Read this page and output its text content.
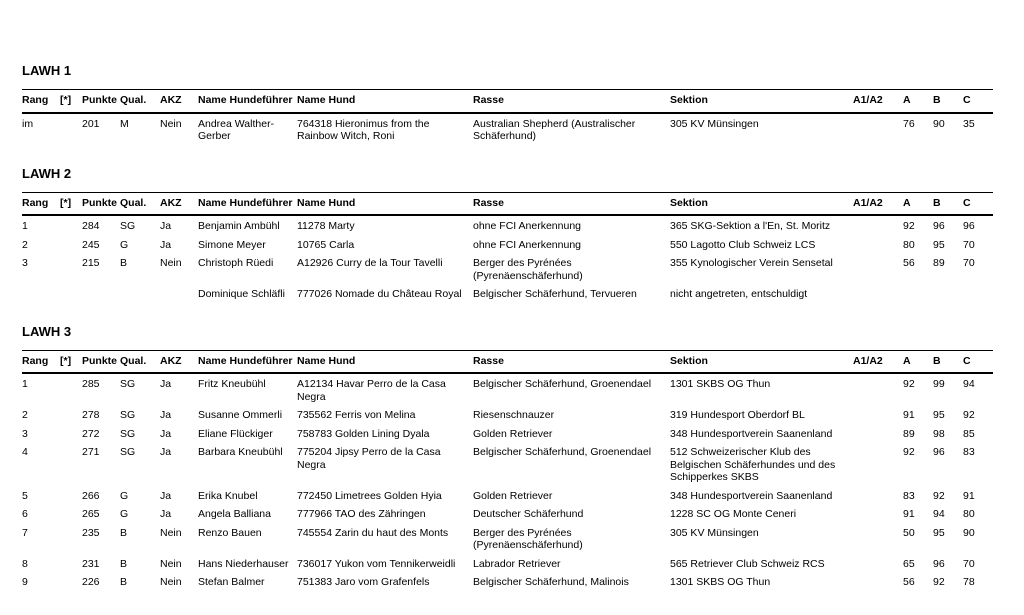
LAWH 1
Rang	[*]	Punkte	Qual.	AKZ	Name Hundeführer	Name Hund	Rasse	Sektion	A1/A2	A	B	C
im		201	M	Nein	Andrea Walther-Gerber	764318 Hieronimus from the Rainbow Witch, Roni	Australian Shepherd (Australischer Schäferhund)	305 KV Münsingen		76	90	35
LAWH 2
Rang	[*]	Punkte	Qual.	AKZ	Name Hundeführer	Name Hund	Rasse	Sektion	A1/A2	A	B	C
1		284	SG	Ja	Benjamin Ambühl	11278 Marty	ohne FCI Anerkennung	365 SKG-Sektion a l'En, St. Moritz		92	96	96
2		245	G	Ja	Simone Meyer	10765 Carla	ohne FCI Anerkennung	550 Lagotto Club Schweiz LCS		80	95	70
3		215	B	Nein	Christoph Rüedi	A12926 Curry de la Tour Tavelli	Berger des Pyrénées (Pyrenäenschäferhund)	355 Kynologischer Verein Sensetal		56	89	70
					Dominique Schläfli	777026 Nomade du Château Royal	Belgischer Schäferhund, Tervueren	nicht angetreten, entschuldigt				
LAWH 3
Rang	[*]	Punkte	Qual.	AKZ	Name Hundeführer	Name Hund	Rasse	Sektion	A1/A2	A	B	C
1		285	SG	Ja	Fritz Kneubühl	A12134 Havar Perro de la Casa Negra	Belgischer Schäferhund, Groenendael	1301 SKBS OG Thun		92	99	94
2		278	SG	Ja	Susanne Ommerli	735562 Ferris von Melina	Riesenschnauzer	319 Hundesport Oberdorf BL		91	95	92
3		272	SG	Ja	Eliane Flückiger	758783 Golden Lining Dyala	Golden Retriever	348 Hundesportverein Saanenland		89	98	85
4		271	SG	Ja	Barbara Kneubühl	775204 Jipsy Perro de la Casa Negra	Belgischer Schäferhund, Groenendael	512 Schweizerischer Klub des Belgischen Schäferhundes und des Schipperkes SKBS		92	96	83
5		266	G	Ja	Erika Knubel	772450 Limetrees Golden Hyia	Golden Retriever	348 Hundesportverein Saanenland		83	92	91
6		265	G	Ja	Angela Balliana	777966 TAO des Zähringen	Deutscher Schäferhund	1228 SC OG Monte Ceneri		91	94	80
7		235	B	Nein	Renzo Bauen	745554 Zarin du haut des Monts	Berger des Pyrénées (Pyrenäenschäferhund)	305 KV Münsingen		50	95	90
8		231	B	Nein	Hans Niederhauser	736017 Yukon vom Tennikerweidli	Labrador Retriever	565 Retriever Club Schweiz RCS		65	96	70
9		226	B	Nein	Stefan Balmer	751383 Jaro vom Grafenfels	Belgischer Schäferhund, Malinois	1301 SKBS OG Thun		56	92	78
